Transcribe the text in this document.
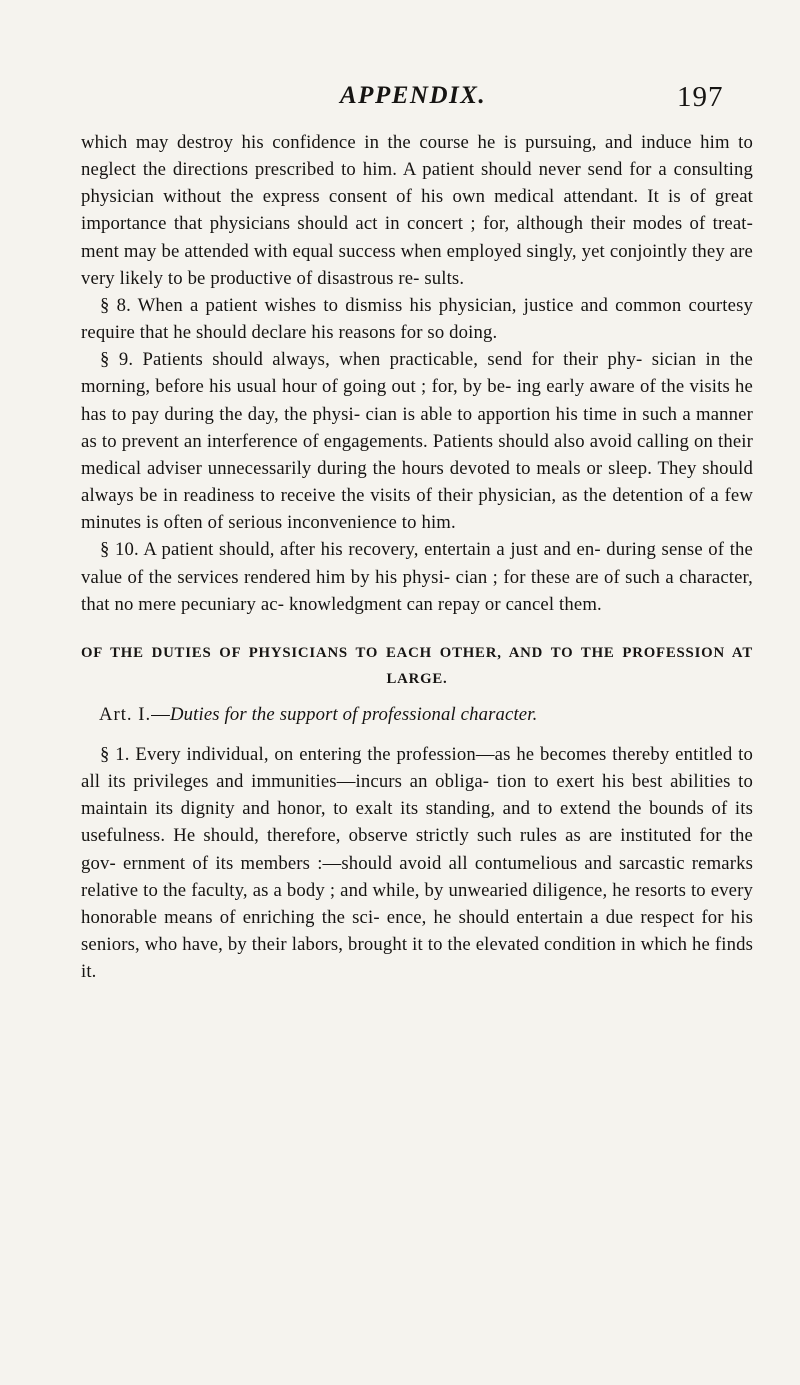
APPENDIX.	197

which may destroy his confidence in the course he is pursuing, and induce him to neglect the directions prescribed to him. A patient should never send for a consulting physician without the express consent of his own medical attendant. It is of great importance that physicians should act in concert ; for, although their modes of treat- ment may be attended with equal success when employed singly, yet conjointly they are very likely to be productive of disastrous re- sults.

§ 8. When a patient wishes to dismiss his physician, justice and common courtesy require that he should declare his reasons for so doing.

§ 9. Patients should always, when practicable, send for their phy- sician in the morning, before his usual hour of going out ; for, by be- ing early aware of the visits he has to pay during the day, the physi- cian is able to apportion his time in such a manner as to prevent an interference of engagements. Patients should also avoid calling on their medical adviser unnecessarily during the hours devoted to meals or sleep. They should always be in readiness to receive the visits of their physician, as the detention of a few minutes is often of serious inconvenience to him.

§ 10. A patient should, after his recovery, entertain a just and en- during sense of the value of the services rendered him by his physi- cian ; for these are of such a character, that no mere pecuniary ac- knowledgment can repay or cancel them.

OF THE DUTIES OF PHYSICIANS TO EACH OTHER, AND TO THE PROFESSION AT LARGE.

Art. I.—Duties for the support of professional character.

§ 1. Every individual, on entering the profession—as he becomes thereby entitled to all its privileges and immunities—incurs an obliga- tion to exert his best abilities to maintain its dignity and honor, to exalt its standing, and to extend the bounds of its usefulness. He should, therefore, observe strictly such rules as are instituted for the gov- ernment of its members :—should avoid all contumelious and sarcastic remarks relative to the faculty, as a body ; and while, by unwearied diligence, he resorts to every honorable means of enriching the sci- ence, he should entertain a due respect for his seniors, who have, by their labors, brought it to the elevated condition in which he finds it.
